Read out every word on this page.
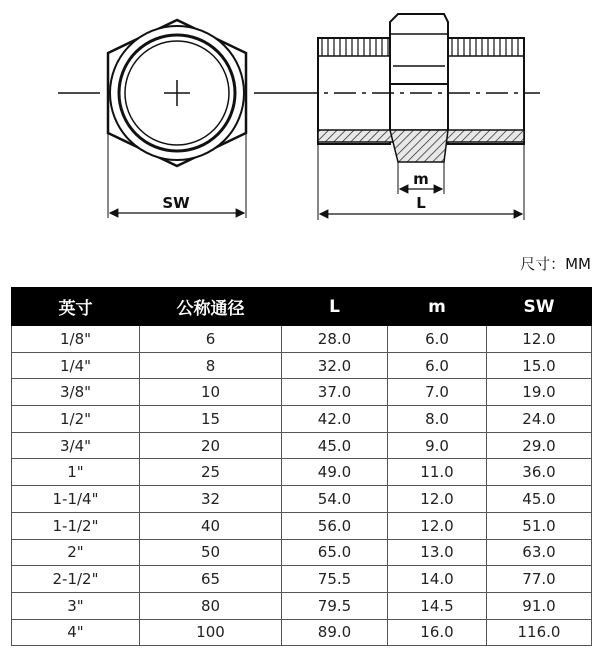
SW
m
L
尺寸：MM
英寸	公称通径	L	m	SW
1/8"	6	28.0	6.0	12.0
1/4"	8	32.0	6.0	15.0
3/8"	10	37.0	7.0	19.0
1/2"	15	42.0	8.0	24.0
3/4"	20	45.0	9.0	29.0
1"	25	49.0	11.0	36.0
1-1/4"	32	54.0	12.0	45.0
1-1/2"	40	56.0	12.0	51.0
2"	50	65.0	13.0	63.0
2-1/2"	65	75.5	14.0	77.0
3"	80	79.5	14.5	91.0
4"	100	89.0	16.0	116.0
